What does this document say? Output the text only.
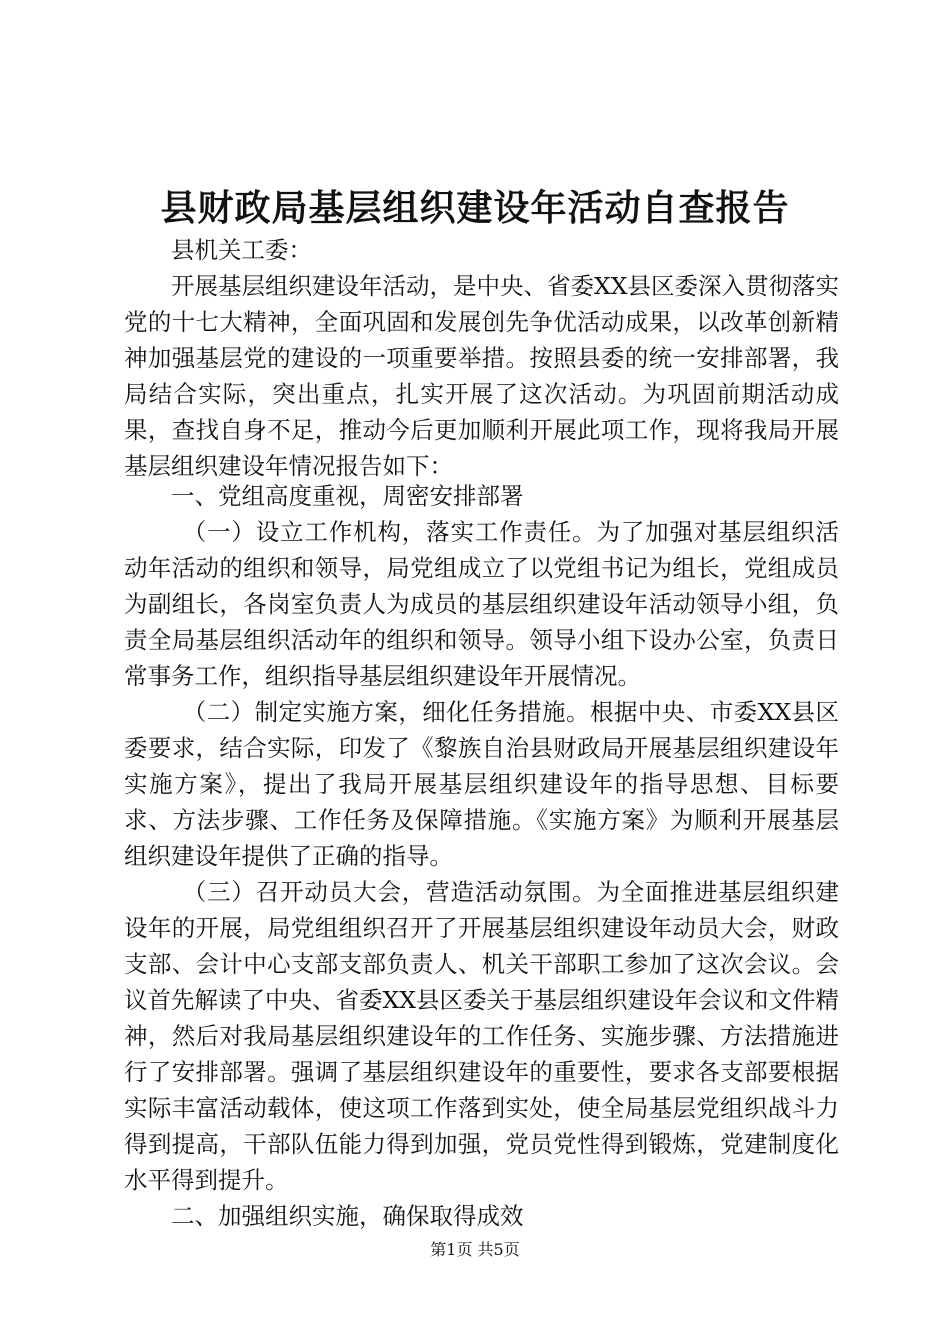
县财政局基层组织建设年活动自查报告

县机关工委：

开展基层组织建设年活动，是中央、省委XX县区委深入贯彻落实党的十七大精神，全面巩固和发展创先争优活动成果，以改革创新精神加强基层党的建设的一项重要举措。按照县委的统一安排部署，我局结合实际，突出重点，扎实开展了这次活动。为巩固前期活动成果，查找自身不足，推动今后更加顺利开展此项工作，现将我局开展基层组织建设年情况报告如下：

一、党组高度重视，周密安排部署

（一）设立工作机构，落实工作责任。为了加强对基层组织活动年活动的组织和领导，局党组成立了以党组书记为组长，党组成员为副组长，各岗室负责人为成员的基层组织建设年活动领导小组，负责全局基层组织活动年的组织和领导。领导小组下设办公室，负责日常事务工作，组织指导基层组织建设年开展情况。

（二）制定实施方案，细化任务措施。根据中央、市委XX县区委要求，结合实际，印发了《黎族自治县财政局开展基层组织建设年实施方案》，提出了我局开展基层组织建设年的指导思想、目标要求、方法步骤、工作任务及保障措施。《实施方案》为顺利开展基层组织建设年提供了正确的指导。

（三）召开动员大会，营造活动氛围。为全面推进基层组织建设年的开展，局党组组织召开了开展基层组织建设年动员大会，财政支部、会计中心支部支部负责人、机关干部职工参加了这次会议。会议首先解读了中央、省委XX县区委关于基层组织建设年会议和文件精神，然后对我局基层组织建设年的工作任务、实施步骤、方法措施进行了安排部署。强调了基层组织建设年的重要性，要求各支部要根据实际丰富活动载体，使这项工作落到实处，使全局基层党组织战斗力得到提高，干部队伍能力得到加强，党员党性得到锻炼，党建制度化水平得到提升。

二、加强组织实施，确保取得成效

第1页 共5页
